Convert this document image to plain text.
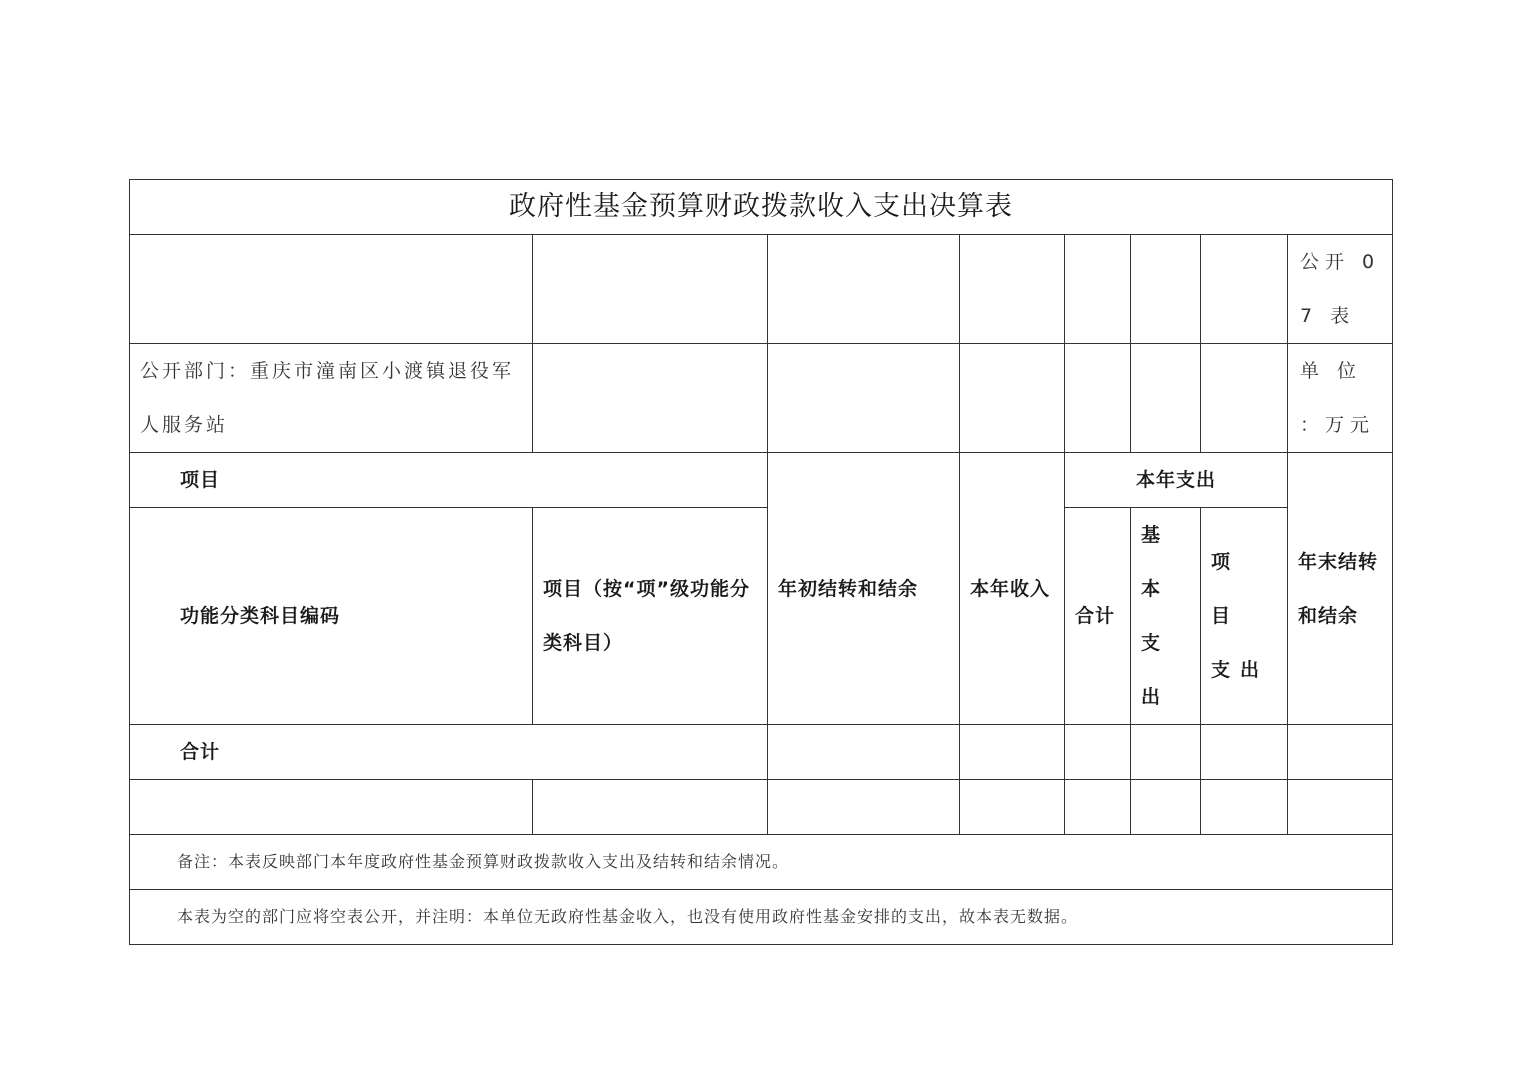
政府性基金预算财政拨款收入支出决算表							
							公开 07 表
公开部门：重庆市潼南区小渡镇退役军人服务站							单 位 ：万元
项目		年初结转和结余	本年收入	本年支出			年末结转和结余
功能分类科目编码	项目（按“项”级功能分类科目）			合计	基 本 支出	项 目 支出	
合计							

备注：本表反映部门本年度政府性基金预算财政拨款收入支出及结转和结余情况。							
本表为空的部门应将空表公开，并注明：本单位无政府性基金收入，也没有使用政府性基金安排的支出，故本表无数据。							
